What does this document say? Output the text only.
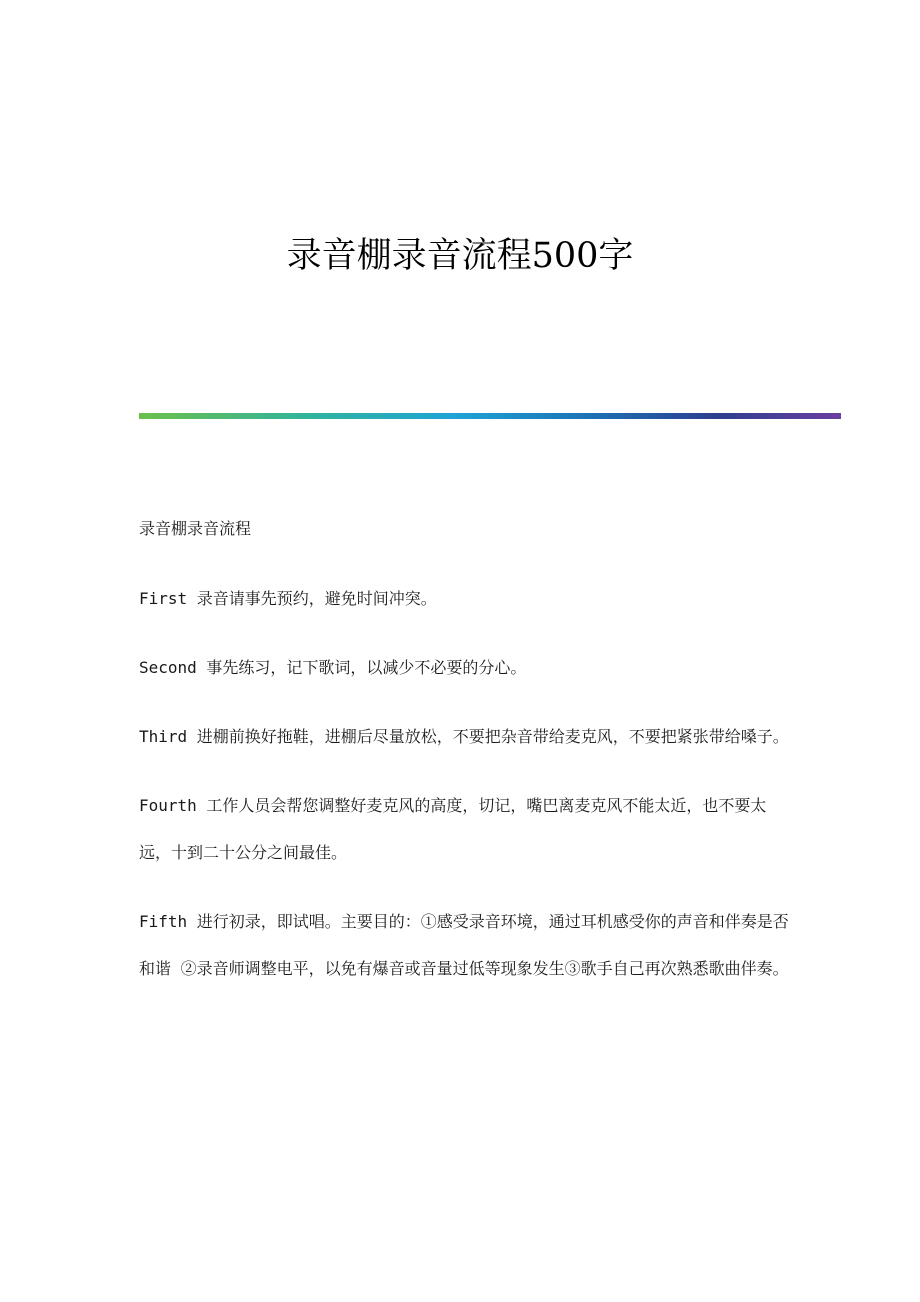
录音棚录音流程500字

录音棚录音流程

First 录音请事先预约，避免时间冲突。

Second 事先练习，记下歌词，以减少不必要的分心。

Third 进棚前换好拖鞋，进棚后尽量放松，不要把杂音带给麦克风，不要把紧张带给嗓子。

Fourth 工作人员会帮您调整好麦克风的高度，切记，嘴巴离麦克风不能太近，也不要太远，十到二十公分之间最佳。

Fifth 进行初录，即试唱。主要目的：①感受录音环境，通过耳机感受你的声音和伴奏是否和谐 ②录音师调整电平，以免有爆音或音量过低等现象发生③歌手自己再次熟悉歌曲伴奏。
